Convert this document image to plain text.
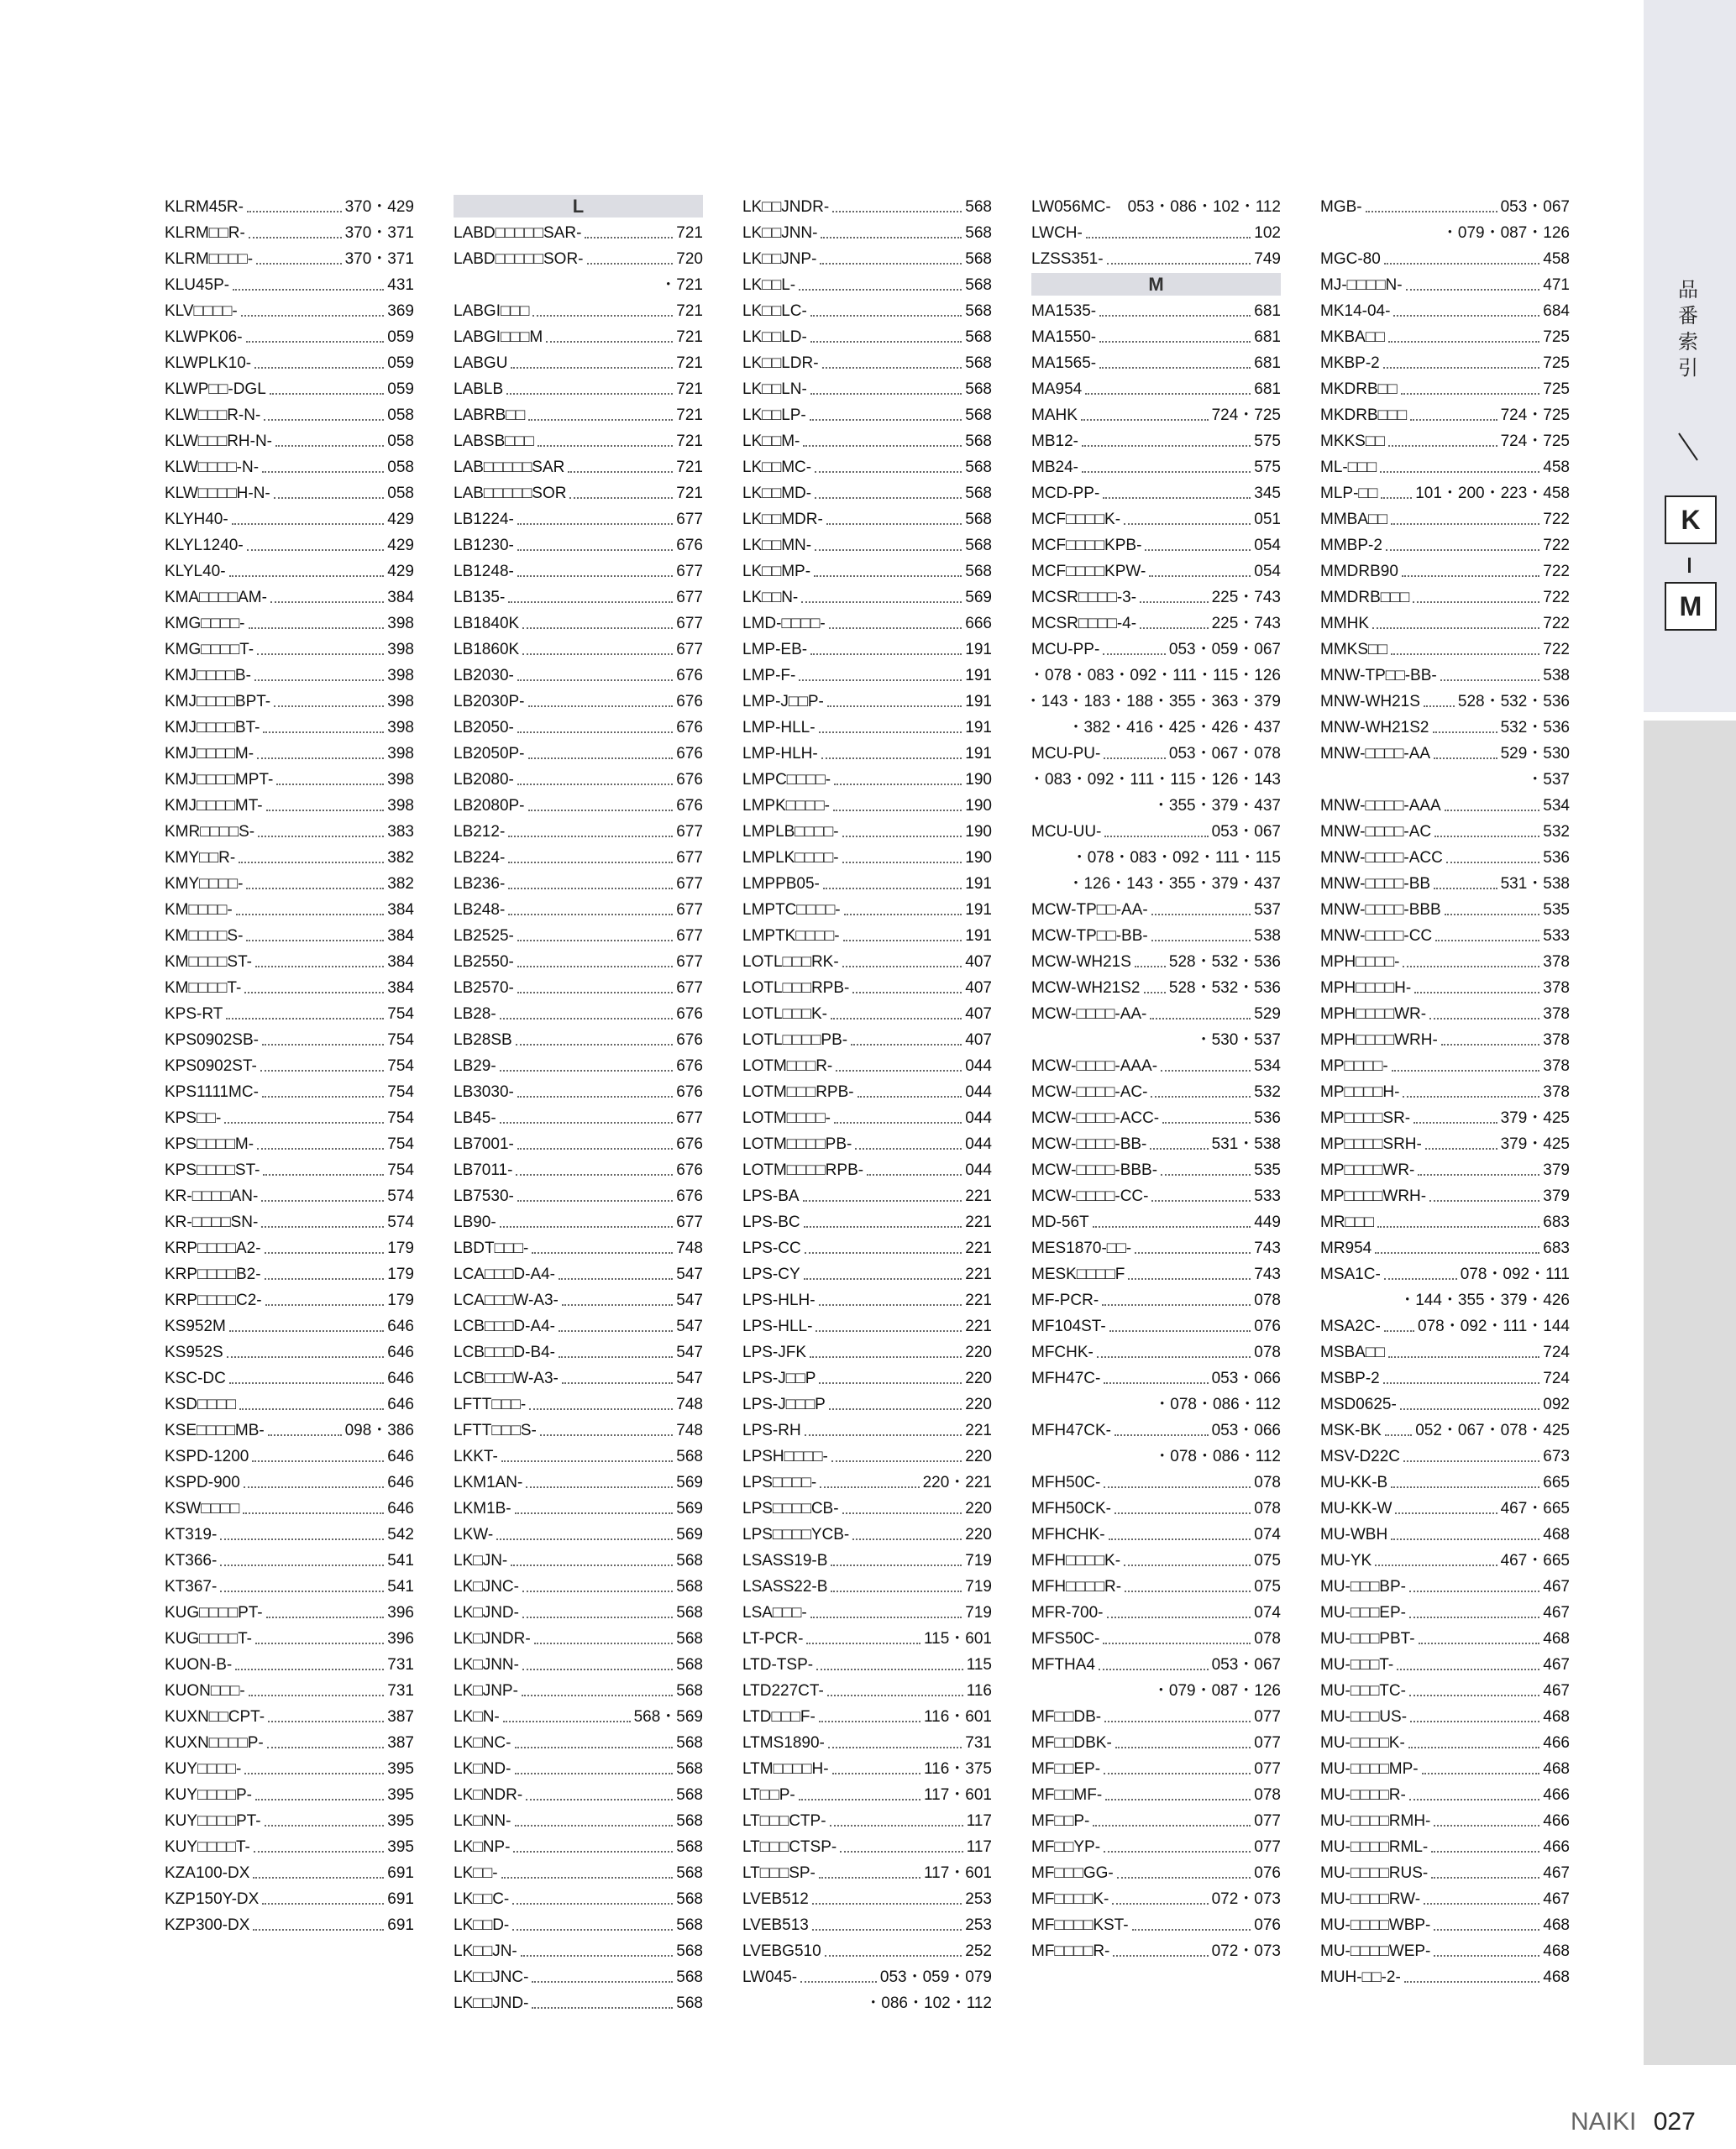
KLRM45R-	370・429
KLRM□□R-	370・371
KLRM□□□□-	370・371
KLU45P-	431
KLV□□□□-	369
KLWPK06-	059
KLWPLK10-	059
KLWP□□-DGL	059
KLW□□□R-N-	058
KLW□□□RH-N-	058
KLW□□□□-N-	058
KLW□□□□H-N-	058
KLYH40-	429
KLYL1240-	429
KLYL40-	429
KMA□□□□AM-	384
KMG□□□□-	398
KMG□□□□T-	398
KMJ□□□□B-	398
KMJ□□□□BPT-	398
KMJ□□□□BT-	398
KMJ□□□□M-	398
KMJ□□□□MPT-	398
KMJ□□□□MT-	398
KMR□□□□S-	383
KMY□□R-	382
KMY□□□□-	382
KM□□□□-	384
KM□□□□S-	384
KM□□□□ST-	384
KM□□□□T-	384
KPS-RT	754
KPS0902SB-	754
KPS0902ST-	754
KPS1111MC-	754
KPS□□-	754
KPS□□□□M-	754
KPS□□□□ST-	754
KR-□□□□AN-	574
KR-□□□□SN-	574
KRP□□□□A2-	179
KRP□□□□B2-	179
KRP□□□□C2-	179
KS952M	646
KS952S	646
KSC-DC	646
KSD□□□□	646
KSE□□□□MB-	098・386
KSPD-1200	646
KSPD-900	646
KSW□□□□	646
KT319-	542
KT366-	541
KT367-	541
KUG□□□□PT-	396
KUG□□□□T-	396
KUON-B-	731
KUON□□□-	731
KUXN□□CPT-	387
KUXN□□□□P-	387
KUY□□□□-	395
KUY□□□□P-	395
KUY□□□□PT-	395
KUY□□□□T-	395
KZA100-DX	691
KZP150Y-DX	691
KZP300-DX	691
L
LABD□□□□□SAR-	721
LABD□□□□□SOR-	720
・721
LABGI□□□	721
LABGI□□□M	721
LABGU	721
LABLB	721
LABRB□□	721
LABSB□□□	721
LAB□□□□□SAR	721
LAB□□□□□SOR	721
LB1224-	677
LB1230-	676
LB1248-	677
LB135-	677
LB1840K	677
LB1860K	677
LB2030-	676
LB2030P-	676
LB2050-	676
LB2050P-	676
LB2080-	676
LB2080P-	676
LB212-	677
LB224-	677
LB236-	677
LB248-	677
LB2525-	677
LB2550-	677
LB2570-	677
LB28-	676
LB28SB	676
LB29-	676
LB3030-	676
LB45-	677
LB7001-	676
LB7011-	676
LB7530-	676
LB90-	677
LBDT□□□-	748
LCA□□□D-A4-	547
LCA□□□W-A3-	547
LCB□□□D-A4-	547
LCB□□□D-B4-	547
LCB□□□W-A3-	547
LFTT□□□-	748
LFTT□□□S-	748
LKKT-	568
LKM1AN-	569
LKM1B-	569
LKW-	569
LK□JN-	568
LK□JNC-	568
LK□JND-	568
LK□JNDR-	568
LK□JNN-	568
LK□JNP-	568
LK□N-	568・569
LK□NC-	568
LK□ND-	568
LK□NDR-	568
LK□NN-	568
LK□NP-	568
LK□□-	568
LK□□C-	568
LK□□D-	568
LK□□JN-	568
LK□□JNC-	568
LK□□JND-	568
LK□□JNDR-	568
LK□□JNN-	568
LK□□JNP-	568
LK□□L-	568
LK□□LC-	568
LK□□LD-	568
LK□□LDR-	568
LK□□LN-	568
LK□□LP-	568
LK□□M-	568
LK□□MC-	568
LK□□MD-	568
LK□□MDR-	568
LK□□MN-	568
LK□□MP-	568
LK□□N-	569
LMD-□□□□-	666
LMP-EB-	191
LMP-F-	191
LMP-J□□P-	191
LMP-HLL-	191
LMP-HLH-	191
LMPC□□□□-	190
LMPK□□□□-	190
LMPLB□□□□-	190
LMPLK□□□□-	190
LMPPB05-	191
LMPTC□□□□-	191
LMPTK□□□□-	191
LOTL□□□RK-	407
LOTL□□□RPB-	407
LOTL□□□K-	407
LOTL□□□□PB-	407
LOTM□□□R-	044
LOTM□□□RPB-	044
LOTM□□□□-	044
LOTM□□□□PB-	044
LOTM□□□□RPB-	044
LPS-BA	221
LPS-BC	221
LPS-CC	221
LPS-CY	221
LPS-HLH-	221
LPS-HLL-	221
LPS-JFK	220
LPS-J□□P	220
LPS-J□□□P	220
LPS-RH	221
LPSH□□□□-	220
LPS□□□□-	220・221
LPS□□□□CB-	220
LPS□□□□YCB-	220
LSASS19-B	719
LSASS22-B	719
LSA□□□-	719
LT-PCR-	115・601
LTD-TSP-	115
LTD227CT-	116
LTD□□□F-	116・601
LTMS1890-	731
LTM□□□□H-	116・375
LT□□P-	117・601
LT□□□CTP-	117
LT□□□CTSP-	117
LT□□□SP-	117・601
LVEB512	253
LVEB513	253
LVEBG510	252
LW045-	053・059・079
・086・102・112
LW056MC- 053・086・102・112
LWCH-	102
LZSS351-	749
M
MA1535-	681
MA1550-	681
MA1565-	681
MA954	681
MAHK	724・725
MB12-	575
MB24-	575
MCD-PP-	345
MCF□□□□K-	051
MCF□□□□KPB-	054
MCF□□□□KPW-	054
MCSR□□□□-3-	225・743
MCSR□□□□-4-	225・743
MCU-PP-	053・059・067
・078・083・092・111・115・126
・143・183・188・355・363・379
・382・416・425・426・437
MCU-PU-	053・067・078
・083・092・111・115・126・143
・355・379・437
MCU-UU-	053・067
・078・083・092・111・115
・126・143・355・379・437
MCW-TP□□-AA-	537
MCW-TP□□-BB-	538
MCW-WH21S 528・532・536
MCW-WH21S2 528・532・536
MCW-□□□□-AA-	529
・530・537
MCW-□□□□-AAA-	534
MCW-□□□□-AC-	532
MCW-□□□□-ACC-	536
MCW-□□□□-BB-	531・538
MCW-□□□□-BBB-	535
MCW-□□□□-CC-	533
MD-56T	449
MES1870-□□-	743
MESK□□□□F	743
MF-PCR-	078
MF104ST-	076
MFCHK-	078
MFH47C-	053・066
・078・086・112
MFH47CK-	053・066
・078・086・112
MFH50C-	078
MFH50CK-	078
MFHCHK-	074
MFH□□□□K-	075
MFH□□□□R-	075
MFR-700-	074
MFS50C-	078
MFTHA4	053・067
・079・087・126
MF□□DB-	077
MF□□DBK-	077
MF□□EP-	077
MF□□MF-	078
MF□□P-	077
MF□□YP-	077
MF□□□GG-	076
MF□□□□K-	072・073
MF□□□□KST-	076
MF□□□□R-	072・073
MGB-	053・067
・079・087・126
MGC-80	458
MJ-□□□□N-	471
MK14-04-	684
MKBA□□	725
MKBP-2	725
MKDRB□□	725
MKDRB□□□	724・725
MKKS□□	724・725
ML-□□□	458
MLP-□□ 101・200・223・458
MMBA□□	722
MMBP-2	722
MMDRB90	722
MMDRB□□□	722
MMHK	722
MMKS□□	722
MNW-TP□□-BB-	538
MNW-WH21S 528・532・536
MNW-WH21S2	532・536
MNW-□□□□-AA	529・530
・537
MNW-□□□□-AAA	534
MNW-□□□□-AC	532
MNW-□□□□-ACC	536
MNW-□□□□-BB	531・538
MNW-□□□□-BBB	535
MNW-□□□□-CC	533
MPH□□□□-	378
MPH□□□□H-	378
MPH□□□□WR-	378
MPH□□□□WRH-	378
MP□□□□-	378
MP□□□□H-	378
MP□□□□SR-	379・425
MP□□□□SRH-	379・425
MP□□□□WR-	379
MP□□□□WRH-	379
MR□□□	683
MR954	683
MSA1C-	078・092・111
・144・355・379・426
MSA2C- 078・092・111・144
MSBA□□	724
MSBP-2	724
MSD0625-	092
MSK-BK 052・067・078・425
MSV-D22C	673
MU-KK-B	665
MU-KK-W	467・665
MU-WBH	468
MU-YK	467・665
MU-□□□BP-	467
MU-□□□EP-	467
MU-□□□PBT-	468
MU-□□□T-	467
MU-□□□TC-	467
MU-□□□US-	468
MU-□□□□K-	466
MU-□□□□MP-	468
MU-□□□□R-	466
MU-□□□□RMH-	466
MU-□□□□RML-	466
MU-□□□□RUS-	467
MU-□□□□RW-	467
MU-□□□□WBP-	468
MU-□□□□WEP-	468
MUH-□□-2-	468
品
番
索
引
K
M
NAIKI 027
